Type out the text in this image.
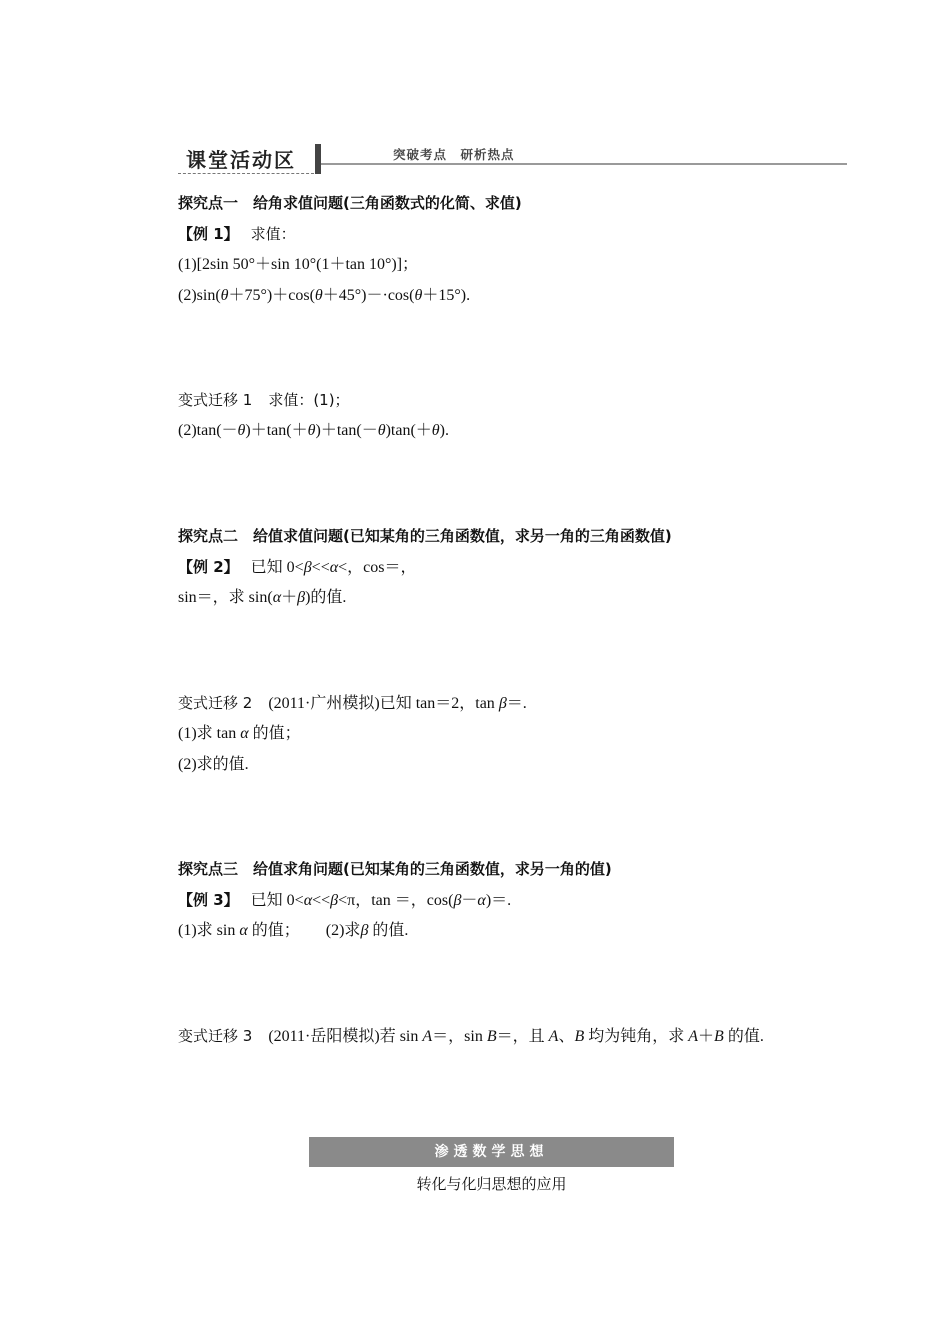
课堂活动区	突破考点　研析热点
探究点一　给角求值问题(三角函数式的化简、求值)
【例 1】 求值：
(1)[2sin 50°＋sin 10°(1＋tan 10°)]；
(2)sin(θ＋75°)＋cos(θ＋45°)－·cos(θ＋15°).
变式迁移 1 求值：(1)；
(2)tan(－θ)＋tan(＋θ)＋tan(－θ)tan(＋θ).
探究点二　给值求值问题(已知某角的三角函数值，求另一角的三角函数值)
【例 2】 已知 0<β<<α<，cos＝，
sin＝，求 sin(α＋β)的值.
变式迁移 2 (2011·广州模拟)已知 tan＝2，tan β＝.
(1)求 tan α 的值；
(2)求的值.
探究点三　给值求角问题(已知某角的三角函数值，求另一角的值)
【例 3】 已知 0<α<<β<π，tan ＝，cos(β－α)＝.
(1)求 sin α 的值； (2)求β 的值.
变式迁移 3 (2011·岳阳模拟)若 sin A＝，sin B＝，且 A、B 均为钝角，求 A＋B 的值.
渗透数学思想
转化与化归思想的应用
